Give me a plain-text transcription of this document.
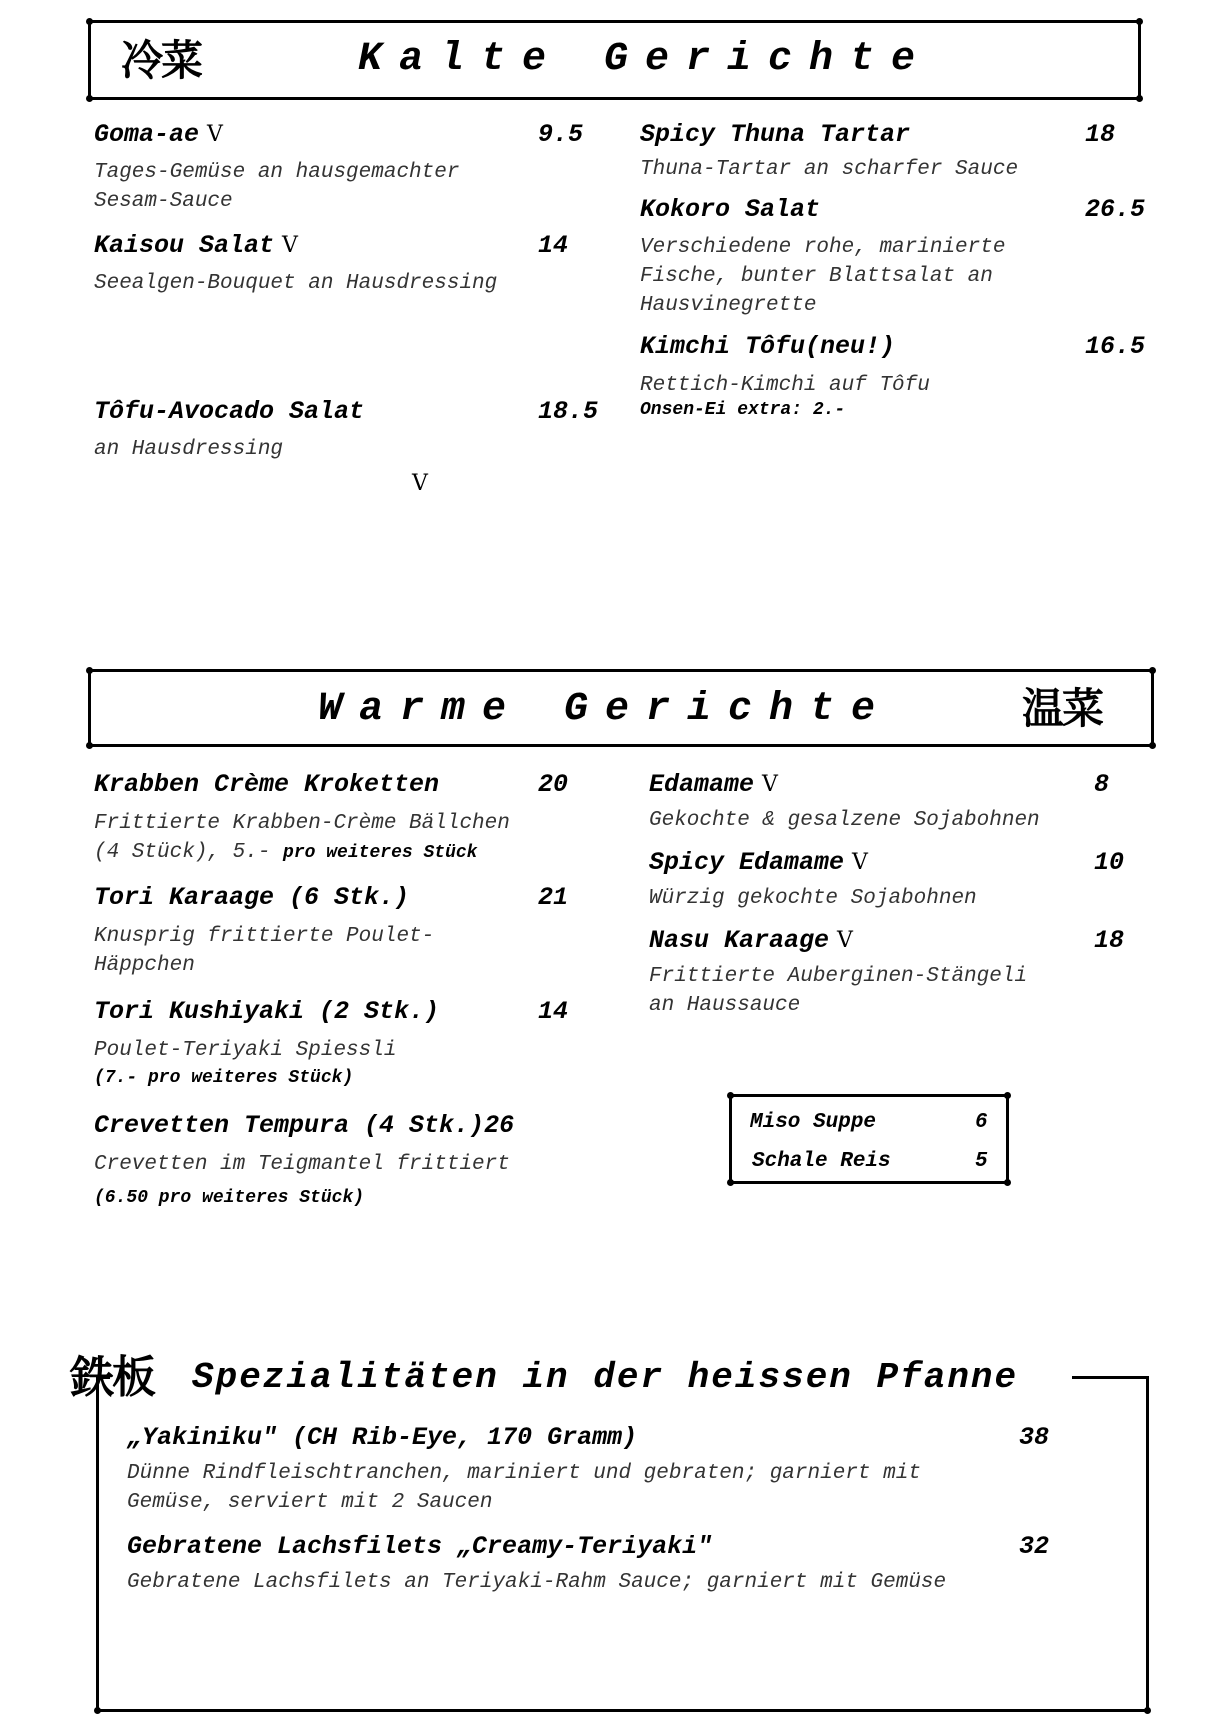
冷菜	Kalte Gerichte
Goma-ae V	9.5
Tages-Gemüse an hausgemachter
Sesam-Sauce
Kaisou Salat V	14
Seealgen-Bouquet an Hausdressing
Tôfu-Avocado Salat	18.5
an Hausdressing
V
Spicy Thuna Tartar	18
Thuna-Tartar an scharfer Sauce
Kokoro Salat	26.5
Verschiedene rohe, marinierte
Fische, bunter Blattsalat an
Hausvinegrette
Kimchi Tôfu(neu!)	16.5
Rettich-Kimchi auf Tôfu
Onsen-Ei extra: 2.-
Warme Gerichte	温菜
Krabben Crème Kroketten	20
Frittierte Krabben-Crème Bällchen
(4 Stück), 5.- pro weiteres Stück
Tori Karaage (6 Stk.)	21
Knusprig frittierte Poulet-
Häppchen
Tori Kushiyaki (2 Stk.)	14
Poulet-Teriyaki Spiessli
(7.- pro weiteres Stück)
Crevetten Tempura (4 Stk.)26
Crevetten im Teigmantel frittiert
(6.50 pro weiteres Stück)
Edamame V	8
Gekochte & gesalzene Sojabohnen
Spicy Edamame V	10
Würzig gekochte Sojabohnen
Nasu Karaage V	18
Frittierte Auberginen-Stängeli
an Haussauce
Miso Suppe	6
Schale Reis	5
鉄板 Spezialitäten in der heissen Pfanne
„Yakiniku" (CH Rib-Eye, 170 Gramm)	38
Dünne Rindfleischtranchen, mariniert und gebraten; garniert mit
Gemüse, serviert mit 2 Saucen
Gebratene Lachsfilets „Creamy-Teriyaki"	32
Gebratene Lachsfilets an Teriyaki-Rahm Sauce; garniert mit Gemüse
